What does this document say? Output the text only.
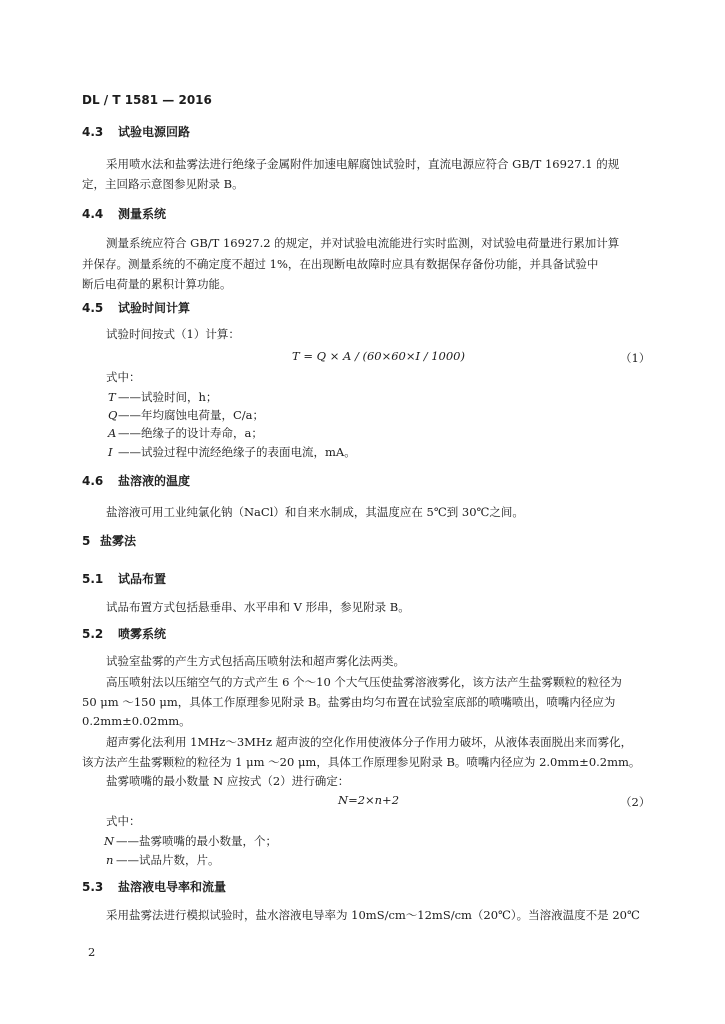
DL / T 1581 — 2016
4.3 试验电源回路
采用喷水法和盐雾法进行绝缘子金属附件加速电解腐蚀试验时，直流电源应符合 GB/T 16927.1 的规
定，主回路示意图参见附录 B。
4.4 测量系统
测量系统应符合 GB/T 16927.2 的规定，并对试验电流能进行实时监测，对试验电荷量进行累加计算
并保存。测量系统的不确定度不超过 1%，在出现断电故障时应具有数据保存备份功能，并具备试验中
断后电荷量的累积计算功能。
4.5 试验时间计算
试验时间按式（1）计算：
T = Q × A / (60×60×I / 1000)	（1）
式中：
T ——试验时间，h；
Q ——年均腐蚀电荷量，C/a；
A ——绝缘子的设计寿命，a；
I ——试验过程中流经绝缘子的表面电流，mA。
4.6 盐溶液的温度
盐溶液可用工业纯氯化钠（NaCl）和自来水制成，其温度应在 5℃到 30℃之间。
5 盐雾法
5.1 试品布置
试品布置方式包括悬垂串、水平串和 V 形串，参见附录 B。
5.2 喷雾系统
试验室盐雾的产生方式包括高压喷射法和超声雾化法两类。
高压喷射法以压缩空气的方式产生 6 个～10 个大气压使盐雾溶液雾化，该方法产生盐雾颗粒的粒径为
50 μm ～150 μm，具体工作原理参见附录 B。盐雾由均匀布置在试验室底部的喷嘴喷出，喷嘴内径应为
0.2mm±0.02mm。
超声雾化法利用 1MHz～3MHz 超声波的空化作用使液体分子作用力破坏，从液体表面脱出来而雾化，
该方法产生盐雾颗粒的粒径为 1 μm ～20 μm，具体工作原理参见附录 B。喷嘴内径应为 2.0mm±0.2mm。
盐雾喷嘴的最小数量 N 应按式（2）进行确定：
N=2×n+2	（2）
式中：
N ——盐雾喷嘴的最小数量，个；
n ——试品片数，片。
5.3 盐溶液电导率和流量
采用盐雾法进行模拟试验时，盐水溶液电导率为 10mS/cm～12mS/cm（20℃）。当溶液温度不是 20℃
2
